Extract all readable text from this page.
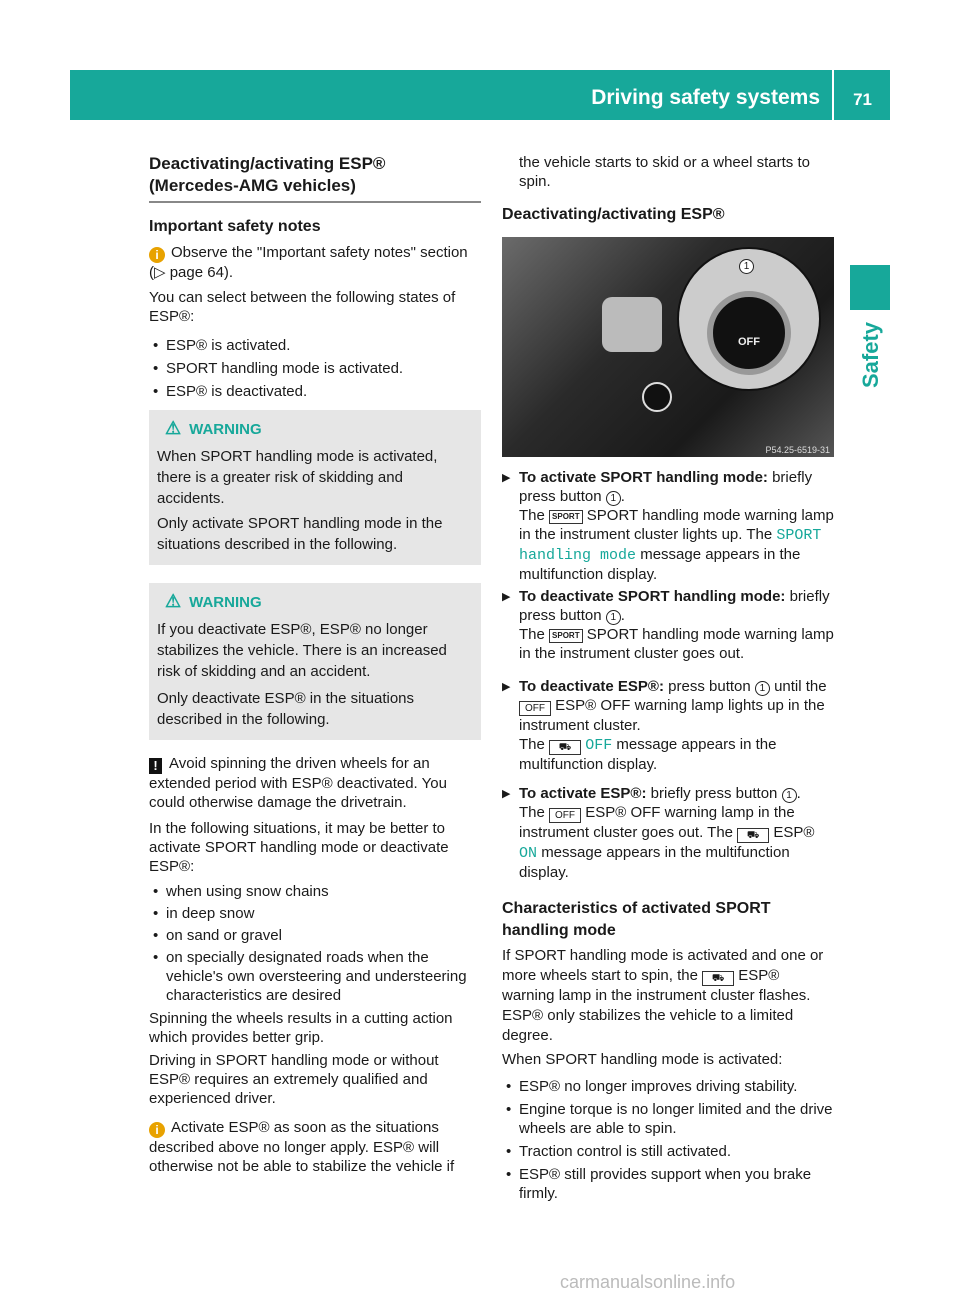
Driving safety systems 71
Safety
Deactivating/activating ESP®
(Mercedes-AMG vehicles)
Important safety notes

i Observe the "Important safety notes" section (▷ page 64).

You can select between the following states of ESP®:

• ESP® is activated.

• SPORT handling mode is activated.

• ESP® is deactivated.

⚠ WARNING

When SPORT handling mode is activated, there is a greater risk of skidding and accidents.

Only activate SPORT handling mode in the situations described in the following.

⚠ WARNING

If you deactivate ESP®, ESP® no longer stabilizes the vehicle. There is an increased risk of skidding and an accident.

Only deactivate ESP® in the situations described in the following.

! Avoid spinning the driven wheels for an extended period with ESP® deactivated. You could otherwise damage the drivetrain.

In the following situations, it may be better to activate SPORT handling mode or deactivate ESP®:

• when using snow chains

• in deep snow

• on sand or gravel

• on specially designated roads when the vehicle's own oversteering and understeering characteristics are desired

Spinning the wheels results in a cutting action which provides better grip.

Driving in SPORT handling mode or without ESP® requires an extremely qualified and experienced driver.

i Activate ESP® as soon as the situations described above no longer apply. ESP® will otherwise not be able to stabilize the vehicle if

the vehicle starts to skid or a wheel starts to spin.

Deactivating/activating ESP®
OFF
1
P54.25-6519-31

▶ To activate SPORT handling mode: briefly press button 1 .
The SPORT SPORT handling mode warning lamp in the instrument cluster lights up. The SPORT handling mode message appears in the multifunction display.

▶ To deactivate SPORT handling mode: briefly press button 1 .
The SPORT SPORT handling mode warning lamp in the instrument cluster goes out.

▶ To deactivate ESP®: press button 1 until the OFF ESP® OFF warning lamp lights up in the instrument cluster.
The ⛟ OFF message appears in the multifunction display.

▶ To activate ESP®: briefly press button 1 .
The OFF ESP® OFF warning lamp in the instrument cluster goes out. The ⛟ ESP® ON message appears in the multifunction display.

Characteristics of activated SPORT handling mode

If SPORT handling mode is activated and one or more wheels start to spin, the ⛟ ESP® warning lamp in the instrument cluster flashes. ESP® only stabilizes the vehicle to a limited degree.

When SPORT handling mode is activated:

• ESP® no longer improves driving stability.

• Engine torque is no longer limited and the drive wheels are able to spin.

• Traction control is still activated.

• ESP® still provides support when you brake firmly.

carmanualsonline.info
